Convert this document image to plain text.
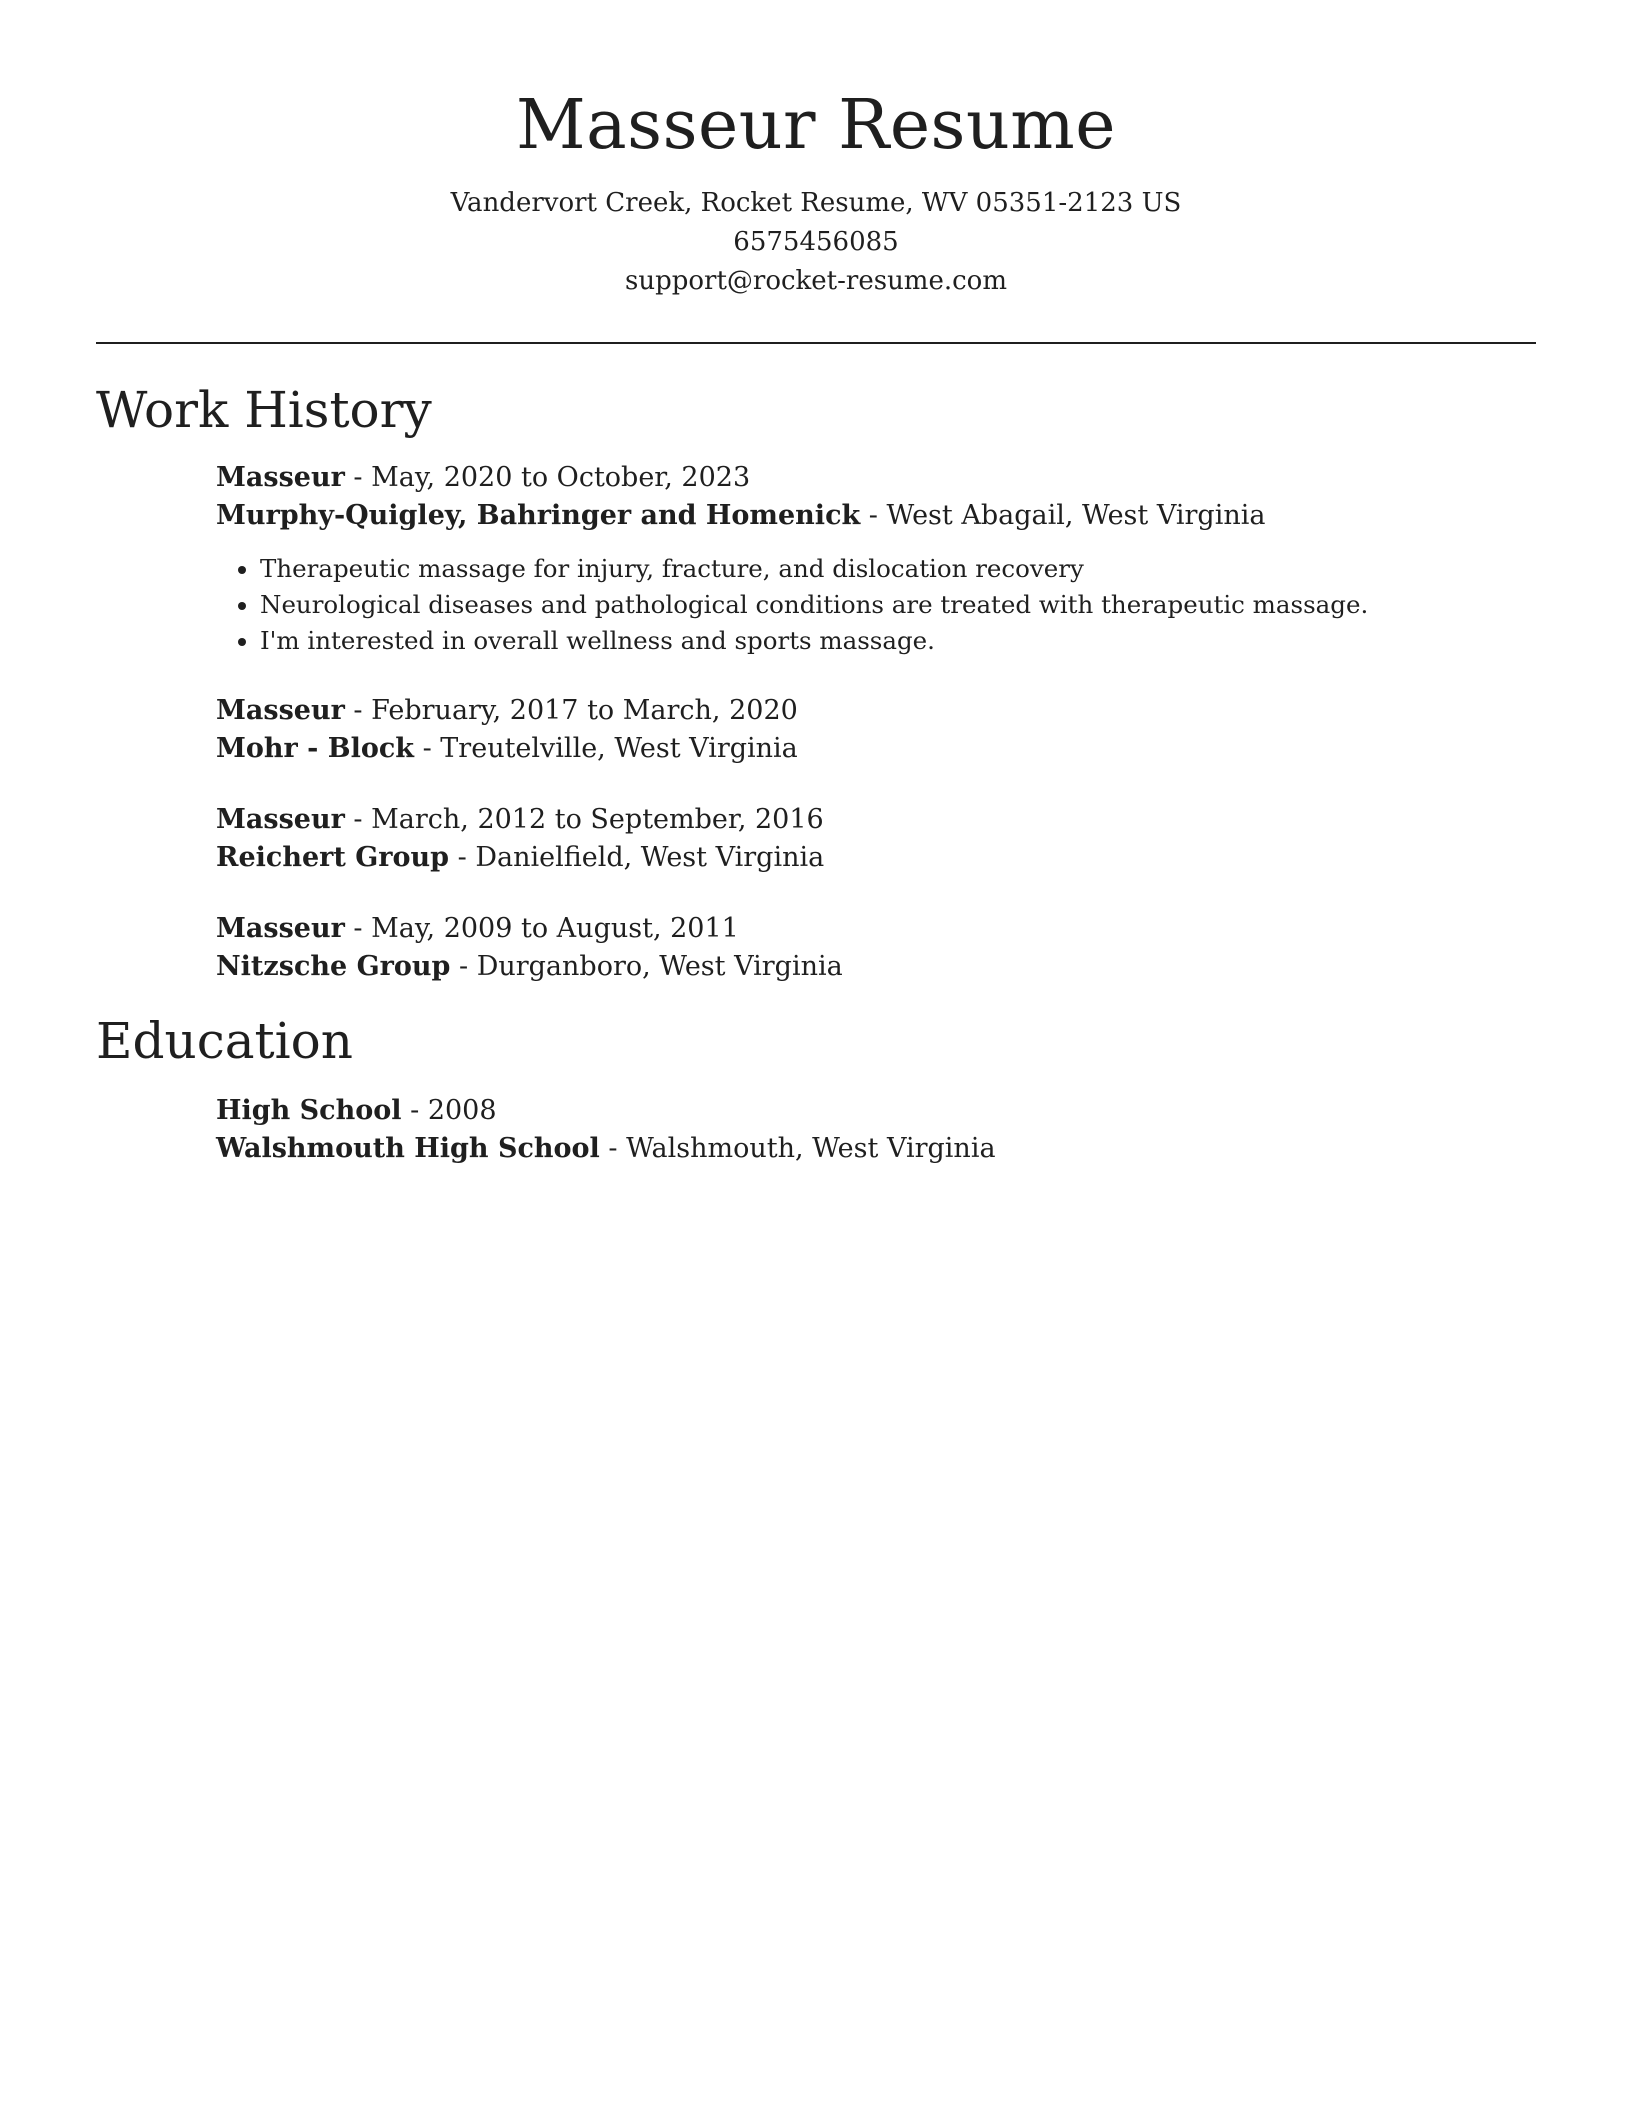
Masseur Resume

Vandervort Creek, Rocket Resume, WV 05351-2123 US

6575456085

support@rocket-resume.com

Work History

Masseur - May, 2020 to October, 2023

Murphy-Quigley, Bahringer and Homenick - West Abagail, West Virginia

• Therapeutic massage for injury, fracture, and dislocation recovery
• Neurological diseases and pathological conditions are treated with therapeutic massage.
• I'm interested in overall wellness and sports massage.

Masseur - February, 2017 to March, 2020

Mohr - Block - Treutelville, West Virginia

Masseur - March, 2012 to September, 2016

Reichert Group - Danielfield, West Virginia

Masseur - May, 2009 to August, 2011

Nitzsche Group - Durganboro, West Virginia

Education

High School - 2008

Walshmouth High School - Walshmouth, West Virginia
